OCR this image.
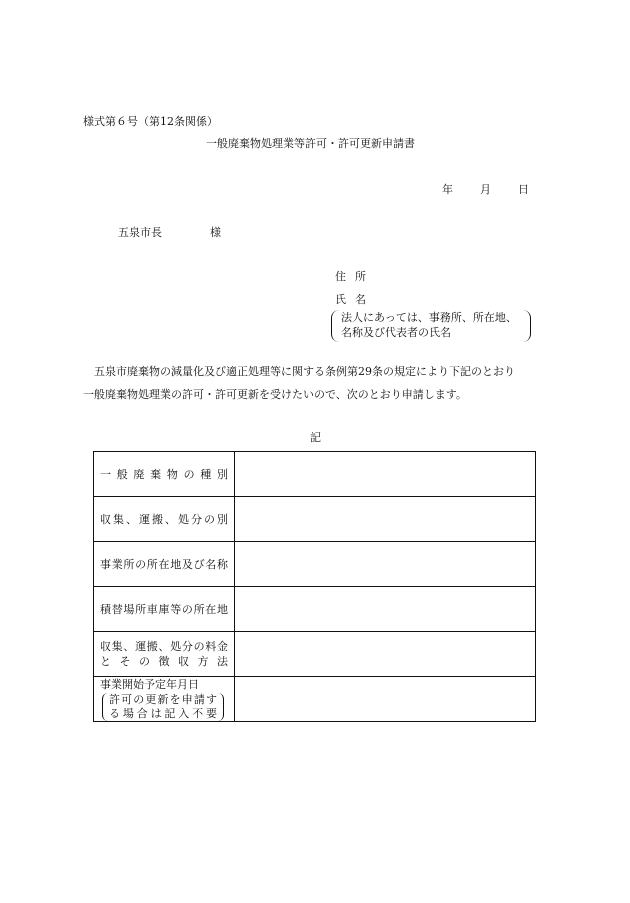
様式第６号（第12条関係）
一般廃棄物処理業等許可・許可更新申請書
年 月 日
五泉市長	様
住所
氏名
法人にあっては、事務所、所在地、
名称及び代表者の氏名
五泉市廃棄物の減量化及び適正処理等に関する条例第29条の規定により下記のとおり
一般廃棄物処理業の許可・許可更新を受けたいので、次のとおり申請します。
記
一般廃棄物の種別	

収集、運搬、処分の別	

事業所の所在地及び名称	

積替場所車庫等の所在地	

収集、運搬、処分の料金
とその徴収方法	

事業開始予定年月日
許可の更新を申請す
る場合は記入不要	
